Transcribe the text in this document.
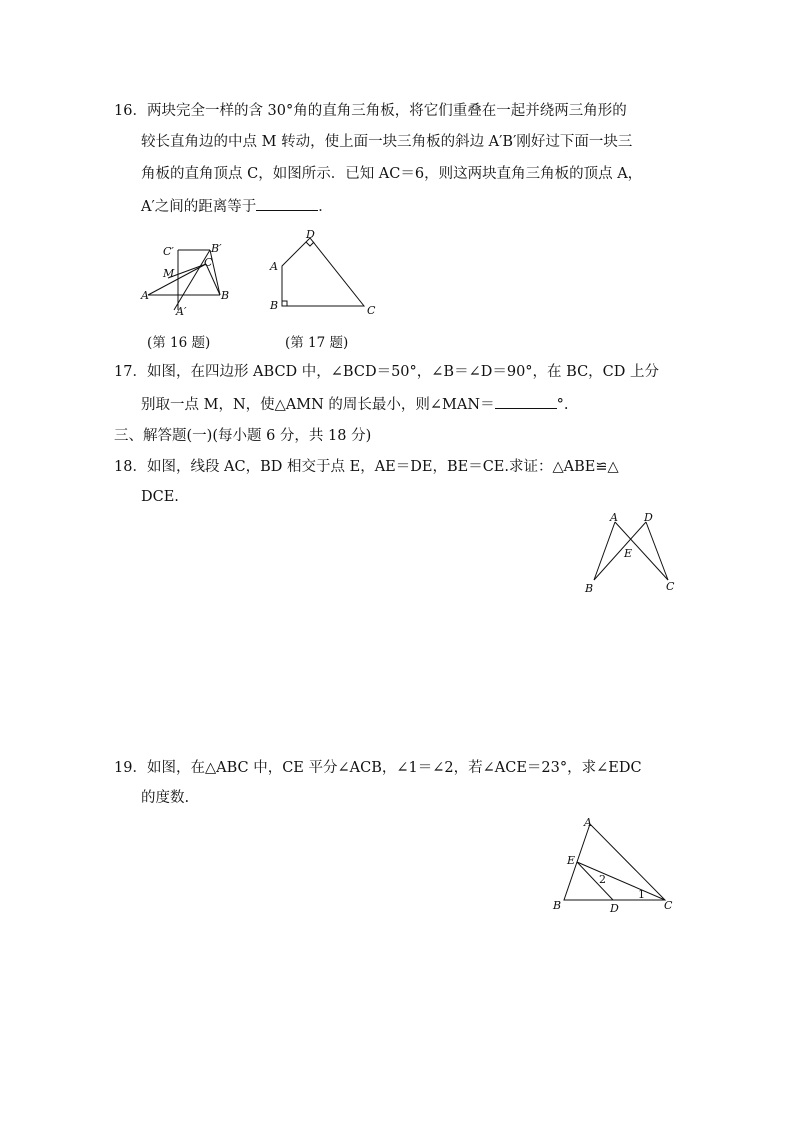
16．两块完全一样的含 30°角的直角三角板，将它们重叠在一起并绕两三角形的
较长直角边的中点 M 转动，使上面一块三角板的斜边 A′B′刚好过下面一块三
角板的直角顶点 C，如图所示．已知 AC＝6，则这两块直角三角板的顶点 A，
A′之间的距离等于	．
C′	B′
M
C
A	B
A′
(第 16 题)
D
A
B	C
(第 17 题)
17．如图，在四边形 ABCD 中，∠BCD＝50°，∠B＝∠D＝90°，在 BC，CD 上分
别取一点 M，N，使△AMN 的周长最小，则∠MAN＝	°.
三、解答题(一)(每小题 6 分，共 18 分)
18．如图，线段 AC，BD 相交于点 E，AE＝DE，BE＝CE.求证：△ABE≌△
DCE.
A D
E
B	C
19．如图，在△ABC 中，CE 平分∠ACB，∠1＝∠2，若∠ACE＝23°，求∠EDC
的度数.
A
E
B	D	C
2
1
